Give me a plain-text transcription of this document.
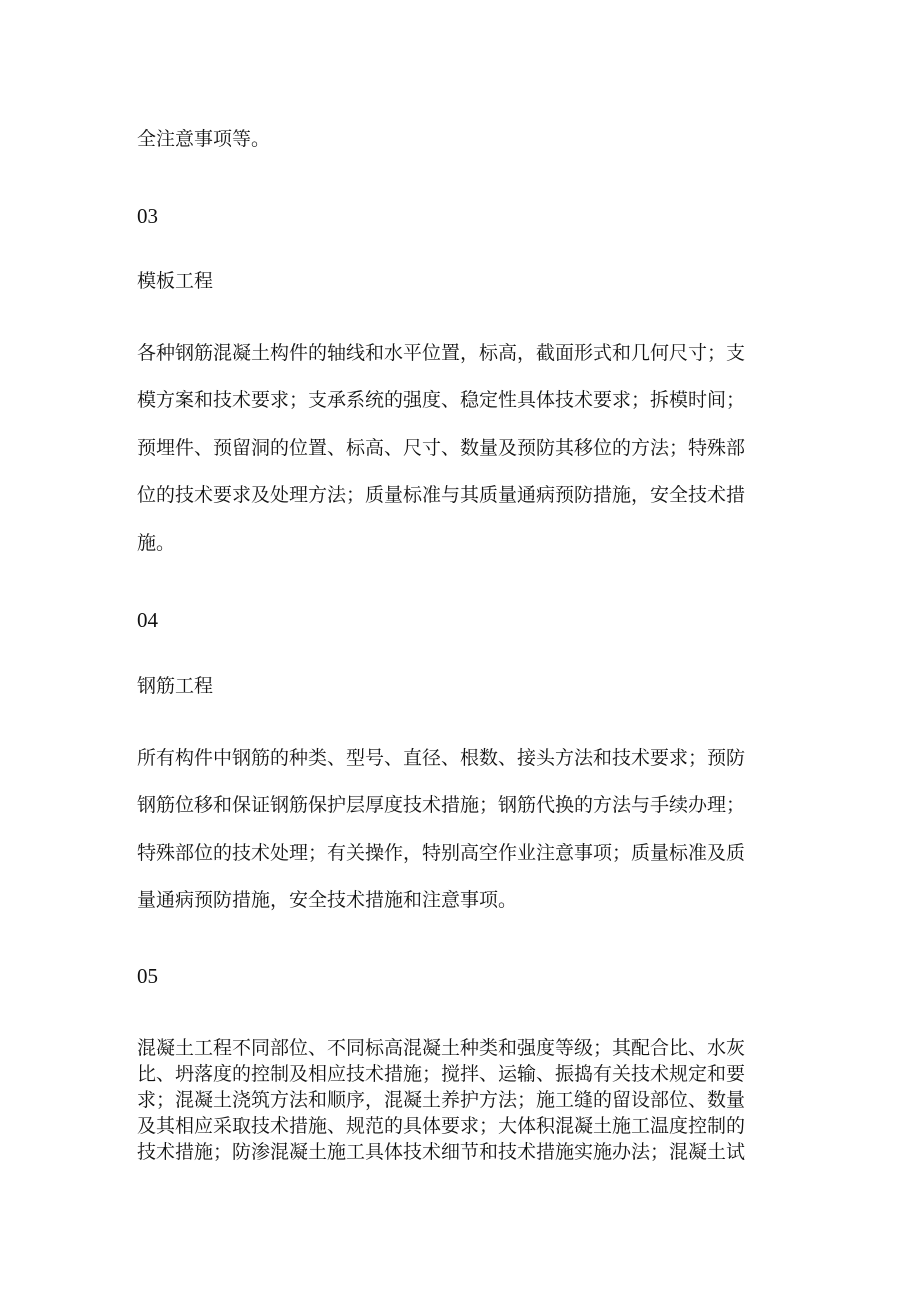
全注意事项等。
03
模板工程
各种钢筋混凝土构件的轴线和水平位置，标高，截面形式和几何尺寸；支
模方案和技术要求；支承系统的强度、稳定性具体技术要求；拆模时间；
预埋件、预留洞的位置、标高、尺寸、数量及预防其移位的方法；特殊部
位的技术要求及处理方法；质量标准与其质量通病预防措施，安全技术措
施。
04
钢筋工程
所有构件中钢筋的种类、型号、直径、根数、接头方法和技术要求；预防
钢筋位移和保证钢筋保护层厚度技术措施；钢筋代换的方法与手续办理；
特殊部位的技术处理；有关操作，特别高空作业注意事项；质量标准及质
量通病预防措施，安全技术措施和注意事项。
05
混凝土工程不同部位、不同标高混凝土种类和强度等级；其配合比、水灰
比、坍落度的控制及相应技术措施；搅拌、运输、振捣有关技术规定和要
求；混凝土浇筑方法和顺序，混凝土养护方法；施工缝的留设部位、数量
及其相应采取技术措施、规范的具体要求；大体积混凝土施工温度控制的
技术措施；防渗混凝土施工具体技术细节和技术措施实施办法；混凝土试
